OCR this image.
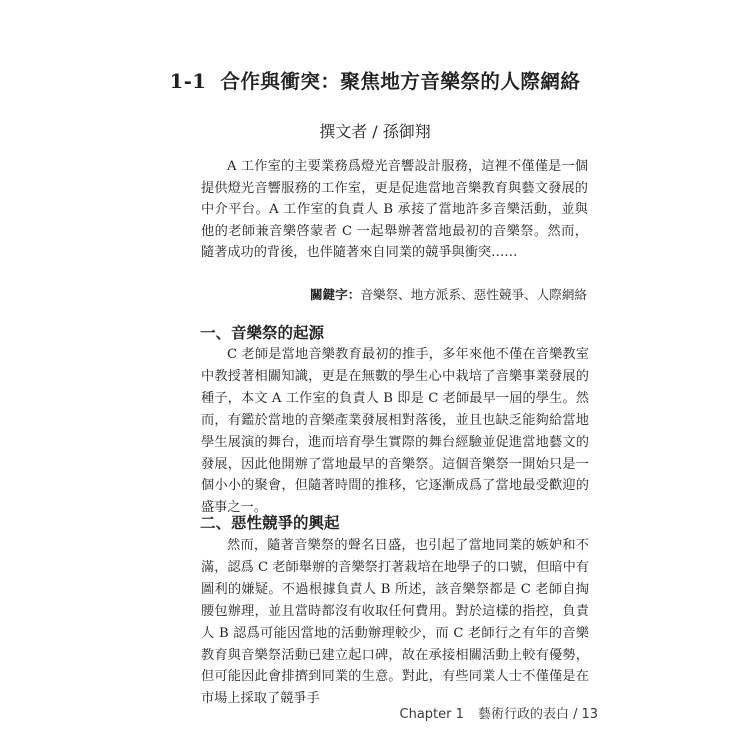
1-1 合作與衝突：聚焦地方音樂祭的人際網絡
撰文者 / 孫御翔

A 工作室的主要業務爲燈光音響設計服務，這裡不僅僅是一個提供燈光音響服務的工作室，更是促進當地音樂教育與藝文發展的中介平台。A 工作室的負責人 B 承接了當地許多音樂活動，並與他的老師兼音樂啓蒙者 C 一起舉辦著當地最初的音樂祭。然而，隨著成功的背後，也伴隨著來自同業的競爭與衝突……

關鍵字：音樂祭、地方派系、惡性競爭、人際網絡
一、音樂祭的起源

C 老師是當地音樂教育最初的推手，多年來他不僅在音樂教室中教授著相關知識，更是在無數的學生心中栽培了音樂事業發展的種子，本文 A 工作室的負責人 B 即是 C 老師最早一屆的學生。然而，有鑑於當地的音樂產業發展相對落後，並且也缺乏能夠給當地學生展演的舞台，進而培育學生實際的舞台經驗並促進當地藝文的發展，因此他開辦了當地最早的音樂祭。這個音樂祭一開始只是一個小小的聚會，但隨著時間的推移，它逐漸成爲了當地最受歡迎的盛事之一。

二、惡性競爭的興起

然而，隨著音樂祭的聲名日盛，也引起了當地同業的嫉妒和不滿，認爲 C 老師舉辦的音樂祭打著栽培在地學子的口號，但暗中有圖利的嫌疑。不過根據負責人 B 所述，該音樂祭都是 C 老師自掏腰包辦理，並且當時都沒有收取任何費用。對於這樣的指控，負責人 B 認爲可能因當地的活動辦理較少，而 C 老師行之有年的音樂教育與音樂祭活動已建立起口碑，故在承接相關活動上較有優勢，但可能因此會排擠到同業的生意。對此，有些同業人士不僅僅是在市場上採取了競爭手

Chapter 1 藝術行政的表白 / 13
